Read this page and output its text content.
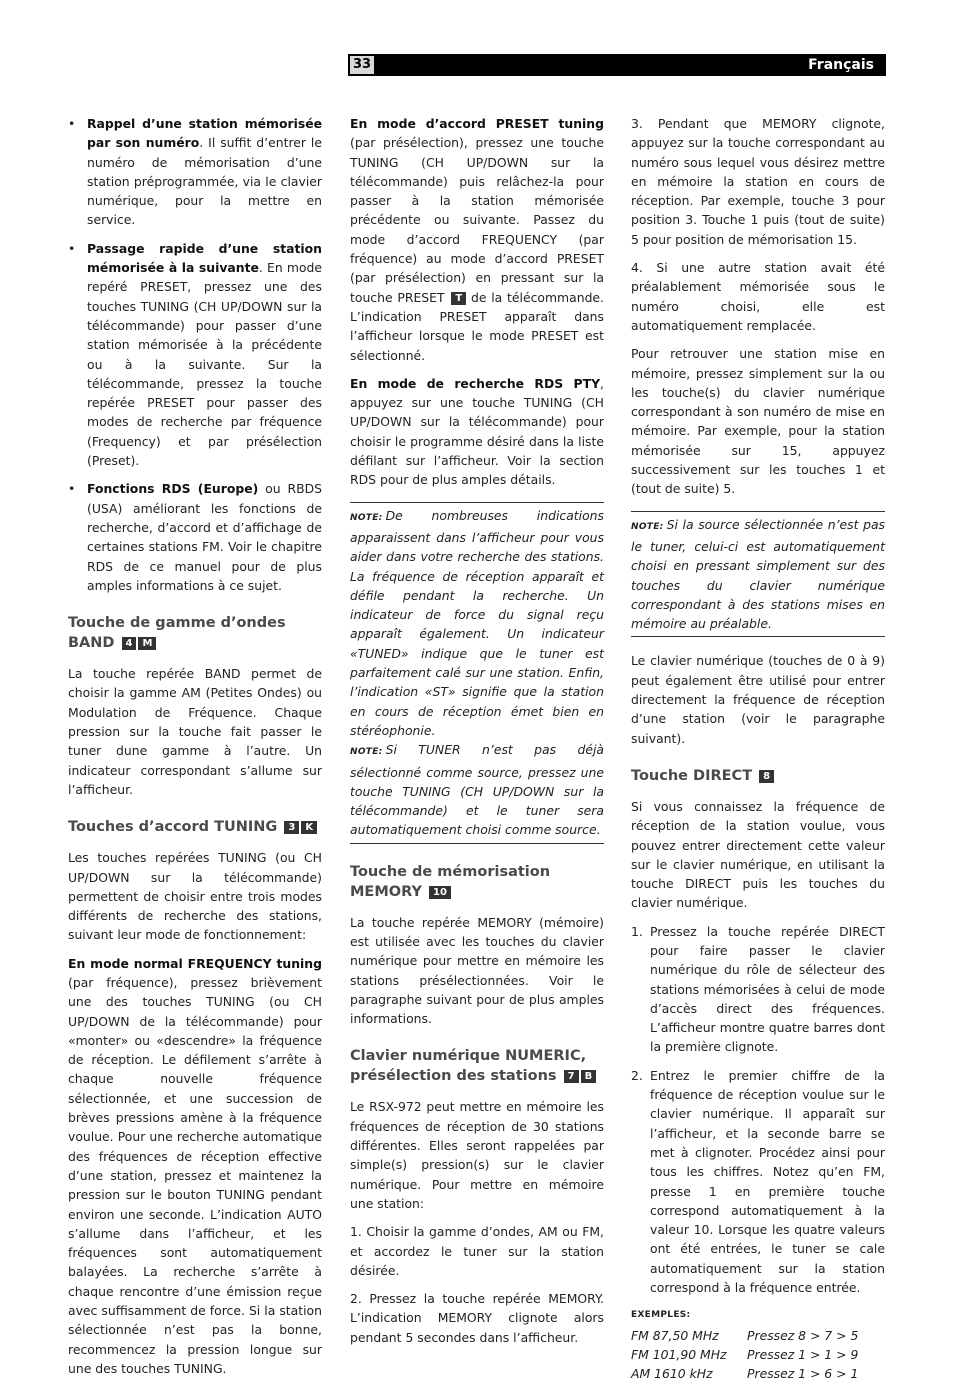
33	Français
• Rappel d’une station mémorisée par son numéro. Il suffit d’entrer le numéro de mémorisation d’une station préprogrammée, via le clavier numérique, pour la mettre en service.
• Passage rapide d’une station mémorisée à la suivante. En mode repéré PRESET, pressez une des touches TUNING (CH UP/DOWN sur la télécommande) pour passer d’une station mémorisée à la précédente ou à la suivante. Sur la télécommande, pressez la touche repérée PRESET pour passer des modes de recherche par fréquence (Frequency) et par présélection (Preset).
• Fonctions RDS (Europe) ou RBDS (USA) améliorant les fonctions de recherche, d’accord et d’affichage de certaines stations FM. Voir le chapitre RDS de ce manuel pour de plus amples informations à ce sujet.
Touche de gamme d’ondes BAND 4 M

La touche repérée BAND permet de choisir la gamme AM (Petites Ondes) ou Modulation de Fréquence. Chaque pression sur la touche fait passer le tuner dune gamme à l’autre. Un indicateur correspondant s’allume sur l’afficheur.

Touches d’accord TUNING 3 K

Les touches repérées TUNING (ou CH UP/DOWN sur la télécommande) permettent de choisir entre trois modes différents de recherche des stations, suivant leur mode de fonctionnement:

En mode normal FREQUENCY tuning (par fréquence), pressez brièvement une des touches TUNING (ou CH UP/DOWN de la télécommande) pour «monter» ou «descendre» la fréquence de réception. Le défilement s’arrête à chaque nouvelle fréquence sélectionnée, et une succession de brèves pressions amène à la fréquence voulue. Pour une recherche automatique des fréquences de réception effective d’une station, pressez et maintenez la pression sur le bouton TUNING pendant environ une seconde. L’indication AUTO s’allume dans l’afficheur, et les fréquences sont automatiquement balayées. La recherche s’arrête à chaque rencontre d’une émission reçue avec suffisamment de force. Si la station sélectionnée n’est pas la bonne, recommencez la pression longue sur une des touches TUNING.

En mode d’accord PRESET tuning (par présélection), pressez une touche TUNING (CH UP/DOWN sur la télécommande) puis relâchez-la pour passer à la station mémorisée précédente ou suivante. Passez du mode d’accord FREQUENCY (par fréquence) au mode d’accord PRESET (par présélection) en pressant sur la touche PRESET T de la télécommande. L’indication PRESET apparaît dans l’afficheur lorsque le mode PRESET est sélectionné.

En mode de recherche RDS PTY, appuyez sur une touche TUNING (CH UP/DOWN sur la télécommande) pour choisir le programme désiré dans la liste défilant sur l’afficheur. Voir la section RDS pour de plus amples détails.

NOTE: De nombreuses indications apparaissent dans l’afficheur pour vous aider dans votre recherche des stations. La fréquence de réception apparaît et défile pendant la recherche. Un indicateur de force du signal reçu apparaît également. Un indicateur «TUNED» indique que le tuner est parfaitement calé sur une station. Enfin, l’indication «ST» signifie que la station en cours de réception émet bien en stéréophonie.

NOTE: Si TUNER n’est pas déjà sélectionné comme source, pressez une touche TUNING (CH UP/DOWN sur la télécommande) et le tuner sera automatiquement choisi comme source.

Touche de mémorisation MEMORY 10

La touche repérée MEMORY (mémoire) est utilisée avec les touches du clavier numérique pour mettre en mémoire les stations présélectionnées. Voir le paragraphe suivant pour de plus amples informations.

Clavier numérique NUMERIC, présélection des stations 7 B

Le RSX-972 peut mettre en mémoire les fréquences de réception de 30 stations différentes. Elles seront rappelées par simple(s) pression(s) sur le clavier numérique. Pour mettre en mémoire une station:

1. Choisir la gamme d’ondes, AM ou FM, et accordez le tuner sur la station désirée.

2. Pressez la touche repérée MEMORY. L’indication MEMORY clignote alors pendant 5 secondes dans l’afficheur.

3. Pendant que MEMORY clignote, appuyez sur la touche correspondant au numéro sous lequel vous désirez mettre en mémoire la station en cours de réception. Par exemple, touche 3 pour position 3. Touche 1 puis (tout de suite) 5 pour position de mémorisation 15.

4. Si une autre station avait été préalablement mémorisée sous le numéro choisi, elle est automatiquement remplacée.

Pour retrouver une station mise en mémoire, pressez simplement sur la ou les touche(s) du clavier numérique correspondant à son numéro de mise en mémoire. Par exemple, pour la station mémorisée sur 15, appuyez successivement sur les touches 1 et (tout de suite) 5.

NOTE: Si la source sélectionnée n’est pas le tuner, celui-ci est automatiquement choisi en pressant simplement sur des touches du clavier numérique correspondant à des stations mises en mémoire au préalable.

Le clavier numérique (touches de 0 à 9) peut également être utilisé pour entrer directement la fréquence de réception d’une station (voir le paragraphe suivant).

Touche DIRECT 8

Si vous connaissez la fréquence de réception de la station voulue, vous pouvez entrer directement cette valeur sur le clavier numérique, en utilisant la touche DIRECT puis les touches du clavier numérique.

1. Pressez la touche repérée DIRECT pour faire passer le clavier numérique du rôle de sélecteur des stations mémorisées à celui de mode d’accès direct des fréquences. L’afficheur montre quatre barres dont la première clignote.
2. Entrez le premier chiffre de la fréquence de réception voulue sur le clavier numérique. Il apparaît sur l’afficheur, et la seconde barre se met à clignoter. Procédez ainsi pour tous les chiffres. Notez qu’en FM, presse 1 en première touche correspond automatiquement à la valeur 10. Lorsque les quatre valeurs ont été entrées, le tuner se cale automatiquement sur la station correspond à la fréquence entrée.
EXEMPLES:
FM 87,50 MHz	Pressez 8 > 7 > 5
FM 101,90 MHz	Pressez 1 > 1 > 9
AM 1610 kHz	Pressez 1 > 6 > 1
